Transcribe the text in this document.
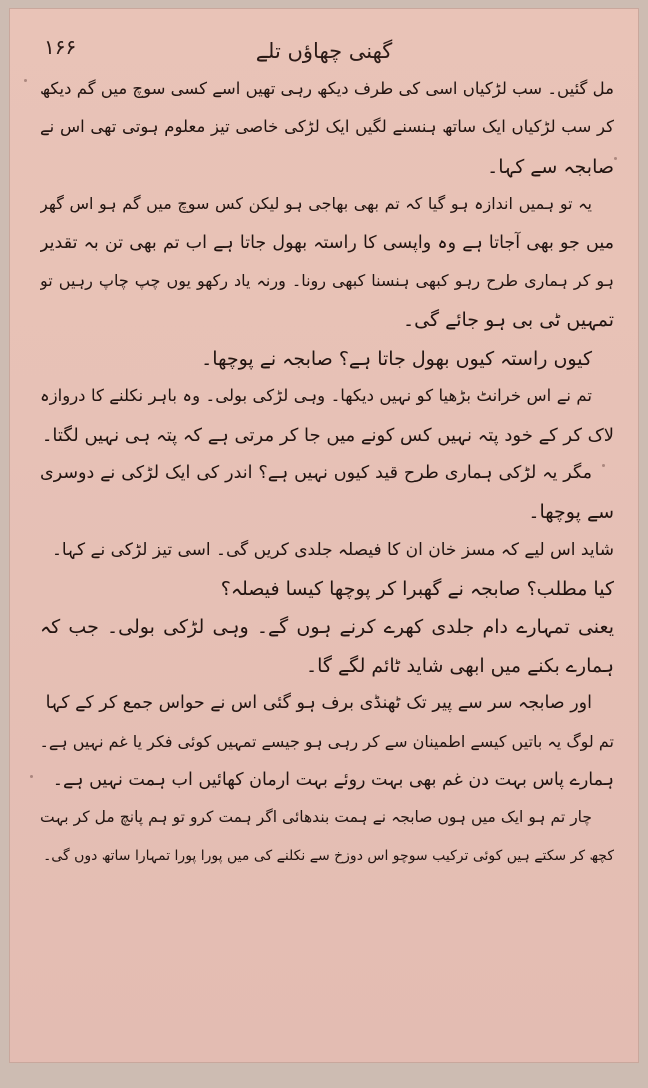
گھنی چھاؤں تلے
۱۶۶
مل گئیں۔ سب لڑکیاں اسی کی طرف دیکھ رہی تھیں اسے کسی سوچ میں گم دیکھ
کر سب لڑکیاں ایک ساتھ ہنسنے لگیں ایک لڑکی خاصی تیز معلوم ہوتی تھی اس نے
صابجہ سے کہا۔
یہ تو ہمیں اندازہ ہو گیا کہ تم بھی بھاجی ہو لیکن کس سوچ میں گم ہو اس گھر
میں جو بھی آجاتا ہے وہ واپسی کا راستہ بھول جاتا ہے اب تم بھی تن بہ تقدیر
ہو کر ہماری طرح رہو کبھی ہنسنا کبھی رونا۔ ورنہ یاد رکھو یوں چپ چاپ رہیں تو
تمہیں ٹی بی ہو جائے گی۔
کیوں راستہ کیوں بھول جاتا ہے؟ صابجہ نے پوچھا۔
تم نے اس خرانٹ بڑھیا کو نہیں دیکھا۔ وہی لڑکی بولی۔ وہ باہر نکلنے کا دروازہ
لاک کر کے خود پتہ نہیں کس کونے میں جا کر مرتی ہے کہ پتہ ہی نہیں لگتا۔
مگر یہ لڑکی ہماری طرح قید کیوں نہیں ہے؟ اندر کی ایک لڑکی نے دوسری
سے پوچھا۔
شاید اس لیے کہ مسز خان ان کا فیصلہ جلدی کریں گی۔ اسی تیز لڑکی نے کہا۔
کیا مطلب؟ صابجہ نے گھبرا کر پوچھا کیسا فیصلہ؟
یعنی تمہارے دام جلدی کھرے کرنے ہوں گے۔ وہی لڑکی بولی۔ جب کہ
ہمارے بکنے میں ابھی شاید ٹائم لگے گا۔
اور صابجہ سر سے پیر تک ٹھنڈی برف ہو گئی اس نے حواس جمع کر کے کہا
تم لوگ یہ باتیں کیسے اطمینان سے کر رہی ہو جیسے تمہیں کوئی فکر یا غم نہیں ہے۔
ہمارے پاس بہت دن غم بھی بہت روئے بہت ارمان کھائیں اب ہمت نہیں ہے۔
چار تم ہو ایک میں ہوں صابجہ نے ہمت بندھائی اگر ہمت کرو تو ہم پانچ مل کر بہت
کچھ کر سکتے ہیں کوئی ترکیب سوچو اس دوزخ سے نکلنے کی میں پورا پورا تمہارا ساتھ دوں گی۔
